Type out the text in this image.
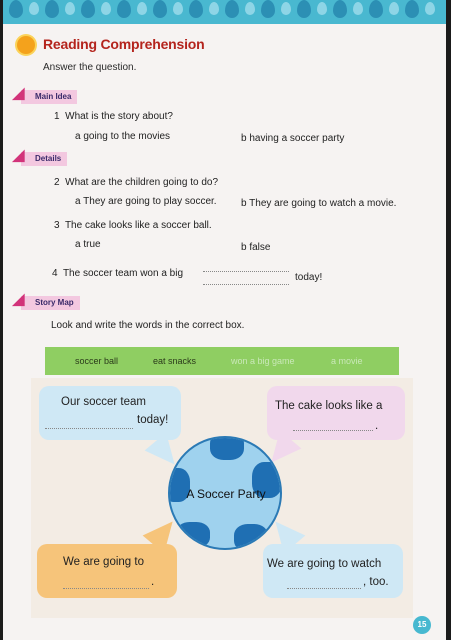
Reading Comprehension
Answer the question.
Main Idea
1 What is the story about?
a going to the movies	b having a soccer party
Details
2 What are the children going to do?
a They are going to play soccer. b They are going to watch a movie.
3 The cake looks like a soccer ball.
a true	b false
4 The soccer team won a big	today!
Story Map
Look and write the words in the correct box.
soccer ball	eat snacks	won a big game	a movie
Our soccer team
today!
The cake looks like a
.
A Soccer Party
We are going to
.
We are going to watch
, too.
15
